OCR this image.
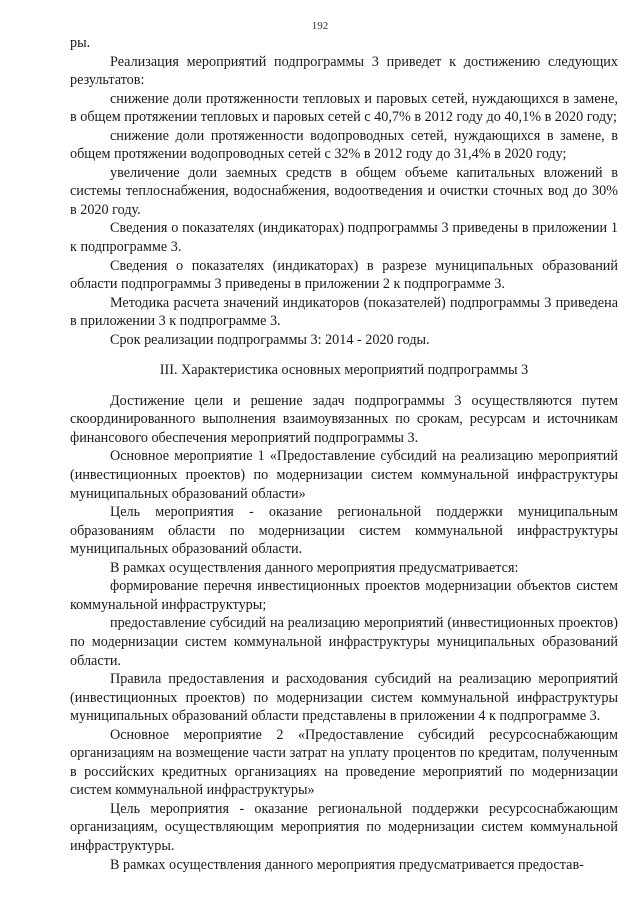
192

ры.

Реализация мероприятий подпрограммы 3 приведет к достижению следующих результатов:

снижение доли протяженности тепловых и паровых сетей, нуждающихся в замене, в общем протяжении тепловых и паровых сетей с 40,7% в 2012 году до 40,1% в 2020 году;

снижение доли протяженности водопроводных сетей, нуждающихся в замене, в общем протяжении водопроводных сетей с 32% в 2012 году до 31,4% в 2020 году;

увеличение доли заемных средств в общем объеме капитальных вложений в системы теплоснабжения, водоснабжения, водоотведения и очистки сточных вод до 30% в 2020 году.

Сведения о показателях (индикаторах) подпрограммы 3 приведены в приложении 1 к подпрограмме 3.

Сведения о показателях (индикаторах) в разрезе муниципальных образований области подпрограммы 3 приведены в приложении 2 к подпрограмме 3.

Методика расчета значений индикаторов (показателей) подпрограммы 3 приведена в приложении 3 к подпрограмме 3.

Срок реализации подпрограммы 3: 2014 - 2020 годы.

III. Характеристика основных мероприятий подпрограммы 3

Достижение цели и решение задач подпрограммы 3 осуществляются путем скоординированного выполнения взаимоувязанных по срокам, ресурсам и источникам финансового обеспечения мероприятий подпрограммы 3.

Основное мероприятие 1 «Предоставление субсидий на реализацию мероприятий (инвестиционных проектов) по модернизации систем коммунальной инфраструктуры муниципальных образований области»

Цель мероприятия - оказание региональной поддержки муниципальным образованиям области по модернизации систем коммунальной инфраструктуры муниципальных образований области.

В рамках осуществления данного мероприятия предусматривается:

формирование перечня инвестиционных проектов модернизации объектов систем коммунальной инфраструктуры;

предоставление субсидий на реализацию мероприятий (инвестиционных проектов) по модернизации систем коммунальной инфраструктуры муниципальных образований области.

Правила предоставления и расходования субсидий на реализацию мероприятий (инвестиционных проектов) по модернизации систем коммунальной инфраструктуры муниципальных образований области представлены в приложении 4 к подпрограмме 3.

Основное мероприятие 2 «Предоставление субсидий ресурсоснабжающим организациям на возмещение части затрат на уплату процентов по кредитам, полученным в российских кредитных организациях на проведение мероприятий по модернизации систем коммунальной инфраструктуры»

Цель мероприятия - оказание региональной поддержки ресурсоснабжающим организациям, осуществляющим мероприятия по модернизации систем коммунальной инфраструктуры.

В рамках осуществления данного мероприятия предусматривается предостав-
